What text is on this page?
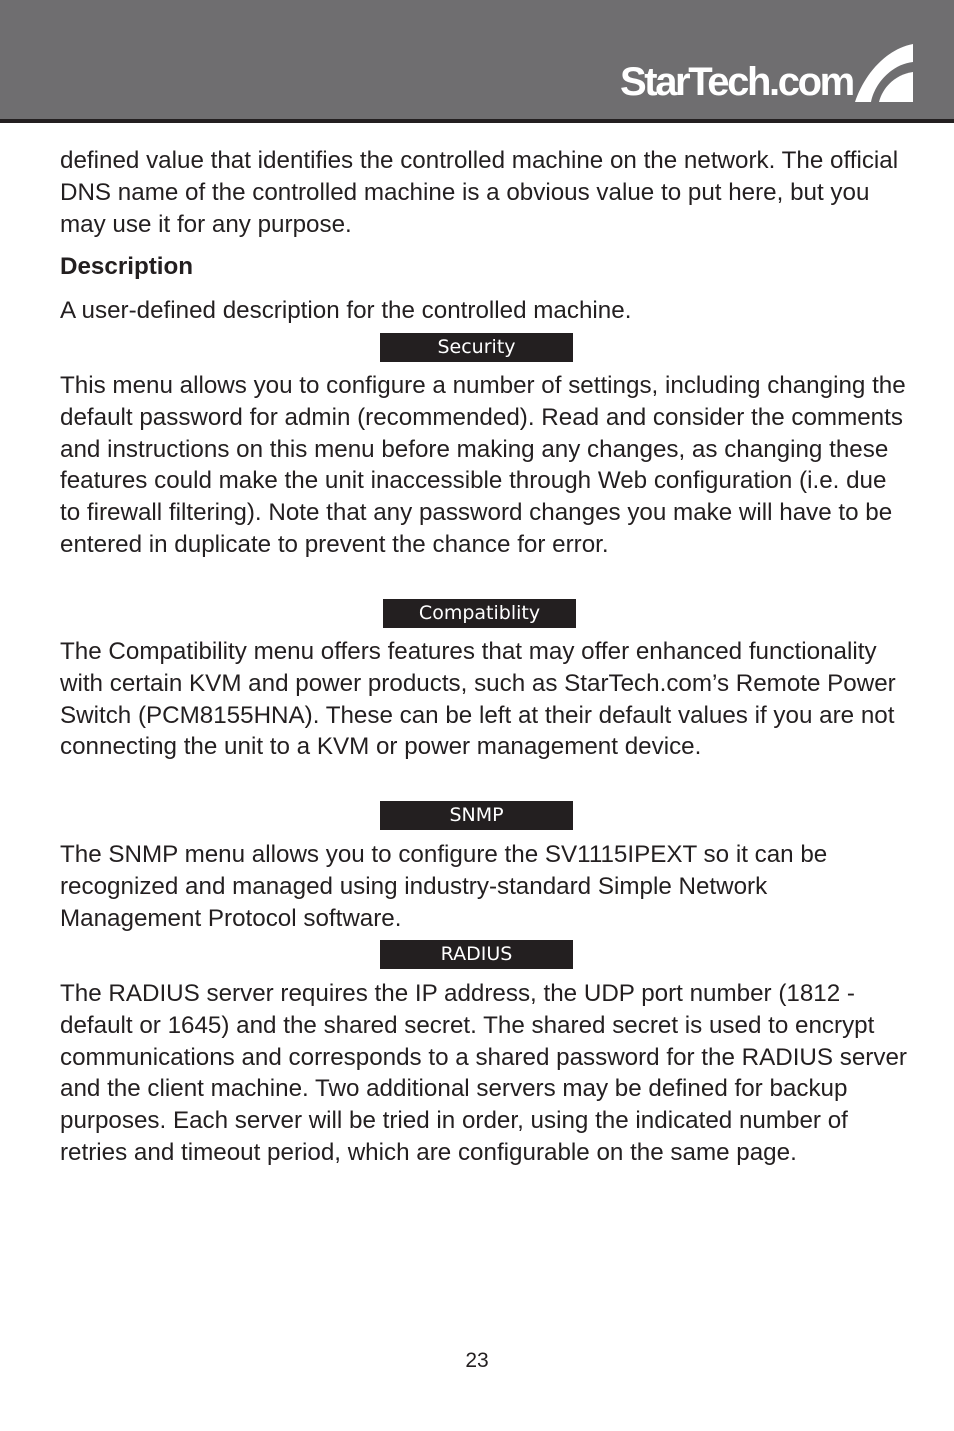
StarTech.com

defined value that identifies the controlled machine on the network. The official DNS name of the controlled machine is a obvious value to put here, but you may use it for any purpose.

Description

A user-defined description for the controlled machine.

Security

This menu allows you to configure a number of settings, including changing the default password for admin (recommended). Read and consider the comments and instructions on this menu before making any changes, as changing these features could make the unit inaccessible through Web configuration (i.e. due to firewall filtering). Note that any password changes you make will have to be entered in duplicate to prevent the chance for error.

Compatiblity

The Compatibility menu offers features that may offer enhanced functionality with certain KVM and power products, such as StarTech.com’s Remote Power Switch (PCM8155HNA). These can be left at their default values if you are not connecting the unit to a KVM or power management device.

SNMP

The SNMP menu allows you to configure the SV1115IPEXT so it can be recognized and managed using industry-standard Simple Network Management Protocol software.

RADIUS

The RADIUS server requires the IP address, the UDP port number (1812 - default or 1645) and the shared secret. The shared secret is used to encrypt communications and corresponds to a shared password for the RADIUS server and the client machine. Two additional servers may be defined for backup purposes. Each server will be tried in order, using the indicated number of retries and timeout period, which are configurable on the same page.

23
